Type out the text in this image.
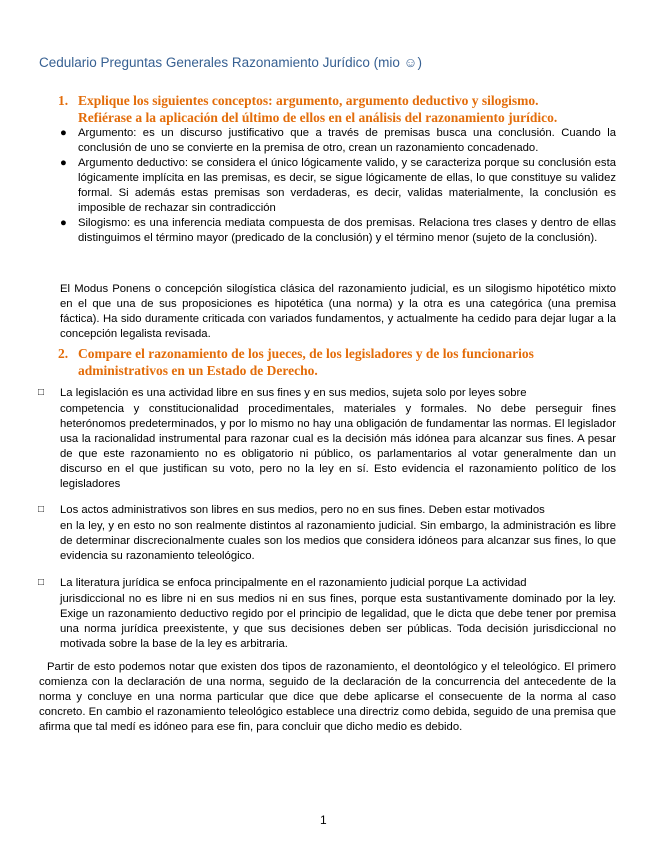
Cedulario Preguntas Generales Razonamiento Jurídico (mio ☺)
1. Explique los siguientes conceptos: argumento, argumento deductivo y silogismo.
Refiérase a la aplicación del último de ellos en el análisis del razonamiento jurídico.
● Argumento: es un discurso justificativo que a través de premisas busca una conclusión. Cuando la conclusión de uno se convierte en la premisa de otro, crean un razonamiento concadenado.
● Argumento deductivo: se considera el único lógicamente valido, y se caracteriza porque su conclusión esta lógicamente implícita en las premisas, es decir, se sigue lógicamente de ellas, lo que constituye su validez formal. Si además estas premisas son verdaderas, es decir, validas materialmente, la conclusión es imposible de rechazar sin contradicción
● Silogismo: es una inferencia mediata compuesta de dos premisas. Relaciona tres clases y dentro de ellas distinguimos el término mayor (predicado de la conclusión) y el término menor (sujeto de la conclusión).
El Modus Ponens o concepción silogística clásica del razonamiento judicial, es un silogismo hipotético mixto en el que una de sus proposiciones es hipotética (una norma) y la otra es una categórica (una premisa fáctica). Ha sido duramente criticada con variados fundamentos, y actualmente ha cedido para dejar lugar a la concepción legalista revisada.
2. Compare el razonamiento de los jueces, de los legisladores y de los funcionarios
administrativos en un Estado de Derecho.
□ La legislación es una actividad libre en sus fines y en sus medios, sujeta solo por leyes sobre
competencia y constitucionalidad procedimentales, materiales y formales. No debe perseguir fines heterónomos predeterminados, y por lo mismo no hay una obligación de fundamentar las normas. El legislador usa la racionalidad instrumental para razonar cual es la decisión más idónea para alcanzar sus fines. A pesar de que este razonamiento no es obligatorio ni público, os parlamentarios al votar generalmente dan un discurso en el que justifican su voto, pero no la ley en sí. Esto evidencia el razonamiento político de los legisladores
□ Los actos administrativos son libres en sus medios, pero no en sus fines. Deben estar motivados
en la ley, y en esto no son realmente distintos al razonamiento judicial. Sin embargo, la administración es libre de determinar discrecionalmente cuales son los medios que considera idóneos para alcanzar sus fines, lo que evidencia su razonamiento teleológico.
□ La literatura jurídica se enfoca principalmente en el razonamiento judicial porque La actividad
jurisdiccional no es libre ni en sus medios ni en sus fines, porque esta sustantivamente dominado por la ley. Exige un razonamiento deductivo regido por el principio de legalidad, que le dicta que debe tener por premisa una norma jurídica preexistente, y que sus decisiones deben ser públicas. Toda decisión jurisdiccional no motivada sobre la base de la ley es arbitraria.
Partir de esto podemos notar que existen dos tipos de razonamiento, el deontológico y el teleológico. El primero comienza con la declaración de una norma, seguido de la declaración de la concurrencia del antecedente de la norma y concluye en una norma particular que dice que debe aplicarse el consecuente de la norma al caso concreto. En cambio el razonamiento teleológico establece una directriz como debida, seguido de una premisa que afirma que tal medí es idóneo para ese fin, para concluir que dicho medio es debido.
1
